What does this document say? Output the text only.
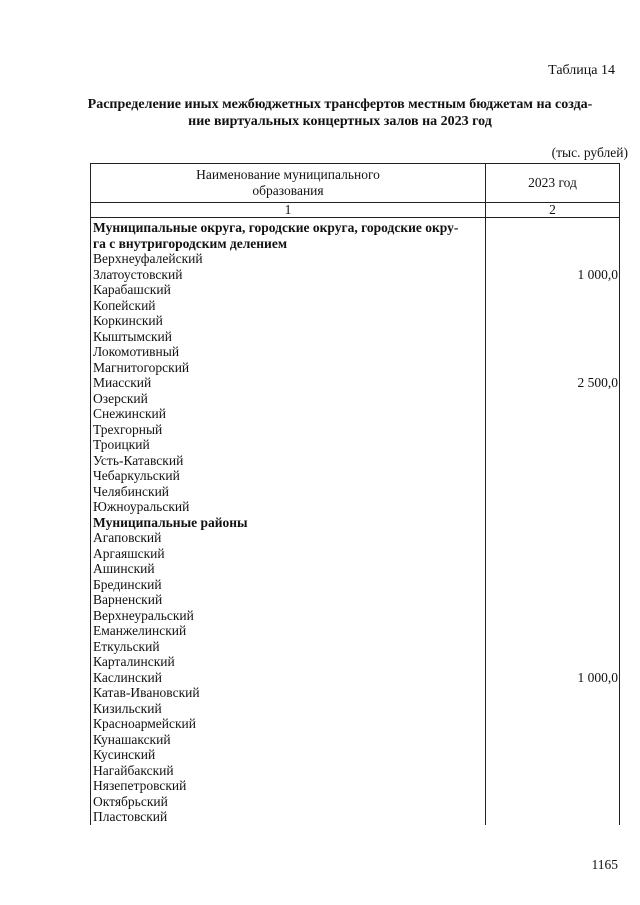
Таблица 14
Распределение иных межбюджетных трансфертов местным бюджетам на созда-
ние виртуальных концертных залов на 2023 год
(тыс. рублей)
Наименование муниципального
образования	2023 год
1	2

Муниципальные округа, городские округа, городские окру-
га с внутригородским делением	

Верхнеуфалейский	
Златоустовский	1 000,0
Карабашский	
Копейский	
Коркинский	
Кыштымский	
Локомотивный	
Магнитогорский	
Миасский	2 500,0
Озерский	
Снежинский	
Трехгорный	
Троицкий	
Усть-Катавский	
Чебаркульский	
Челябинский	
Южноуральский	
Муниципальные районы	
Агаповский	
Аргаяшский	
Ашинский	
Брединский	
Варненский	
Верхнеуральский	
Еманжелинский	
Еткульский	
Карталинский	
Каслинский	1 000,0
Катав-Ивановский	
Кизильский	
Красноармейский	
Кунашакский	
Кусинский	
Нагайбакский	
Нязепетровский	
Октябрьский	
Пластовский	
1165
